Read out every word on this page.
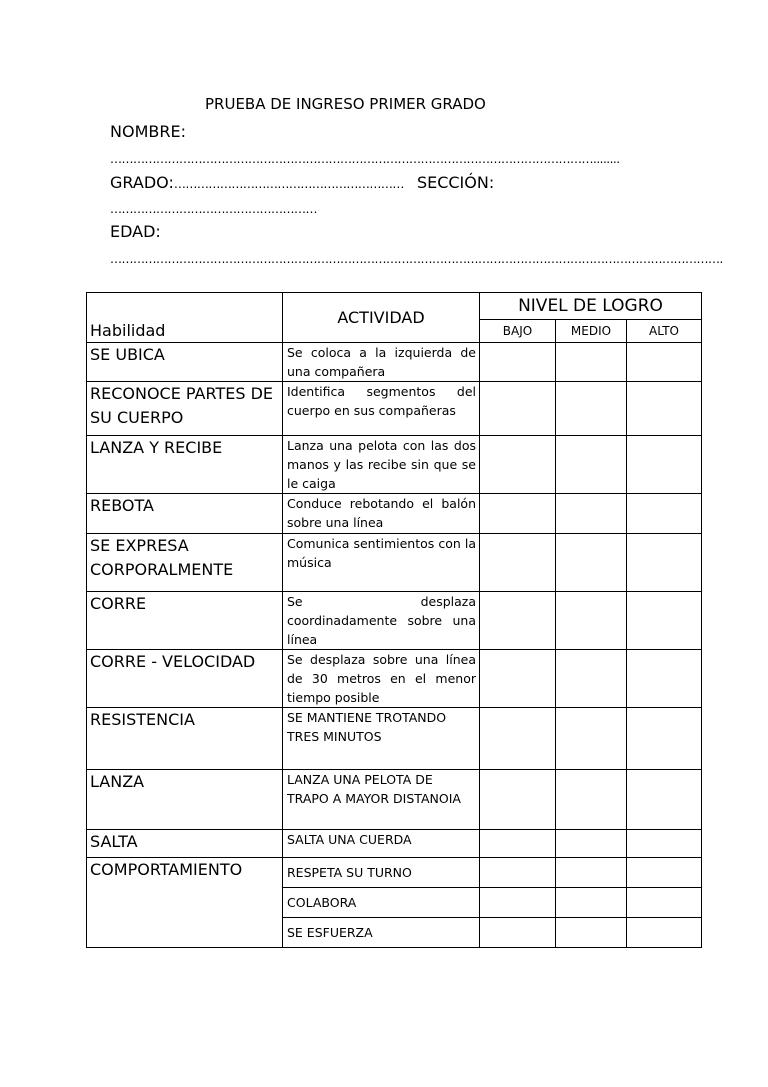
PRUEBA DE INGRESO PRIMER GRADO
NOMBRE:
………………………………………………………………………………………………………………........
GRADO:…………………………………………………… SECCIÓN:
………………………………………………
EDAD:
…………………………………………………………………………………………………………………………………………….
Habilidad	ACTIVIDAD	NIVEL DE LOGRO		
		BAJO	MEDIO	ALTO
SE UBICA	Se coloca a la izquierda de una compañera			
RECONOCE PARTES DE SU CUERPO	Identifica segmentos del cuerpo en sus compañeras			
LANZA Y RECIBE	Lanza una pelota con las dos manos y las recibe sin que se le caiga			
REBOTA	Conduce rebotando el balón sobre una línea			
SE EXPRESA CORPORALMENTE	Comunica sentimientos con la música			
CORRE	Se desplaza coordinadamente sobre una línea			
CORRE - VELOCIDAD	Se desplaza sobre una línea de 30 metros en el menor tiempo posible			
RESISTENCIA	SE MANTIENE TROTANDO TRES MINUTOS			
LANZA	LANZA UNA PELOTA DE TRAPO A MAYOR DISTANOIA			
SALTA	SALTA UNA CUERDA			
COMPORTAMIENTO	RESPETA SU TURNO			
	COLABORA			
	SE ESFUERZA			
